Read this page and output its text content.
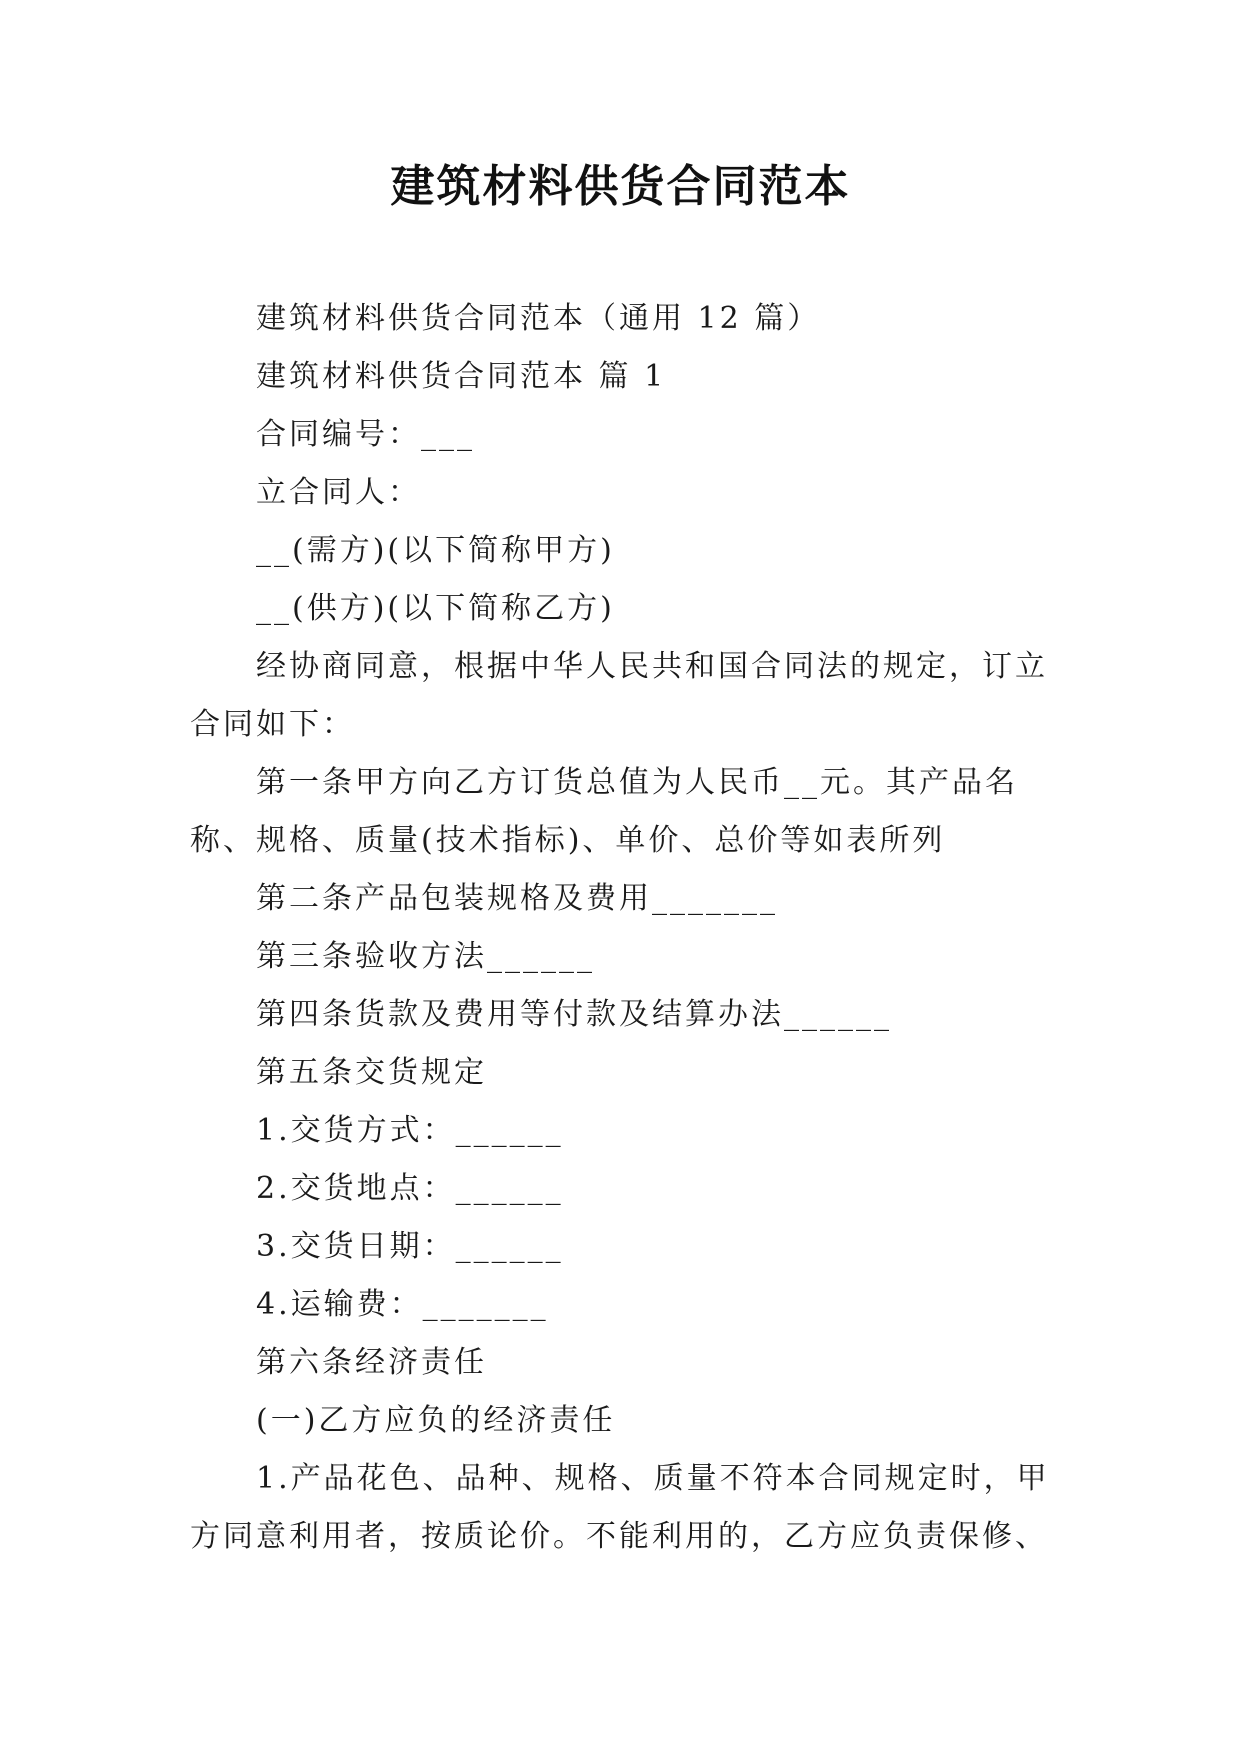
建筑材料供货合同范本

建筑材料供货合同范本（通用 12 篇）

建筑材料供货合同范本 篇 1

合同编号：___

立合同人：

__(需方)(以下简称甲方)

__(供方)(以下简称乙方)

经协商同意，根据中华人民共和国合同法的规定，订立合同如下：

第一条甲方向乙方订货总值为人民币__元。其产品名称、规格、质量(技术指标)、单价、总价等如表所列

第二条产品包装规格及费用_______

第三条验收方法______

第四条货款及费用等付款及结算办法______

第五条交货规定

1.交货方式：______

2.交货地点：______

3.交货日期：______

4.运输费：_______

第六条经济责任

(一)乙方应负的经济责任

1.产品花色、品种、规格、质量不符本合同规定时，甲方同意利用者，按质论价。不能利用的，乙方应负责保修、
